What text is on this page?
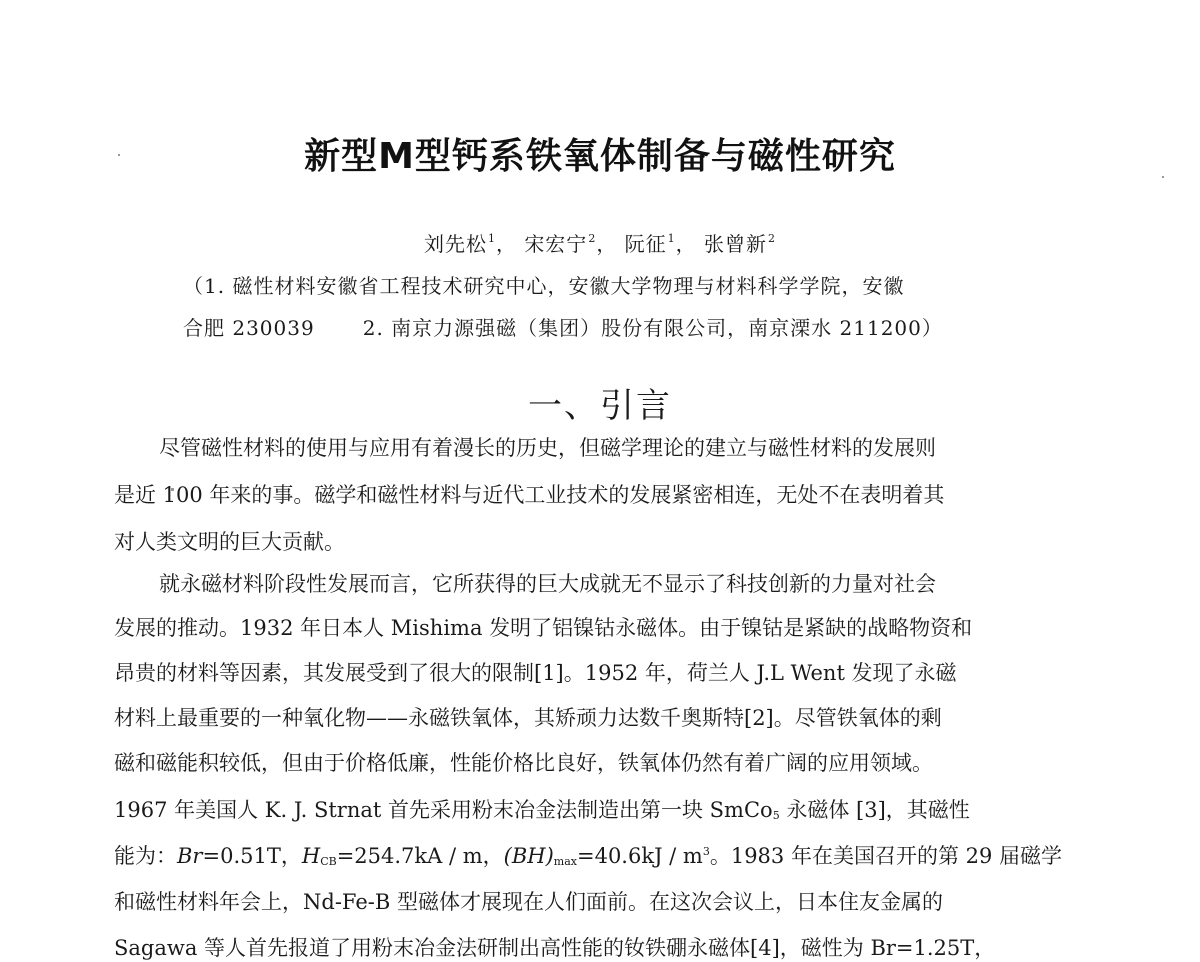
新型M型钙系铁氧体制备与磁性研究
刘先松$^1$， 宋宏宁$^2$， 阮征$^1$， 张曾新$^2$
（1. 磁性材料安徽省工程技术研究中心，安徽大学物理与材料科学学院，安徽
合肥 230039 2. 南京力源强磁（集团）股份有限公司，南京溧水 211200）
一、引言
尽管磁性材料的使用与应用有着漫长的历史，但磁学理论的建立与磁性材料的发展则
是近 100 年来的事。磁学和磁性材料与近代工业技术的发展紧密相连，无处不在表明着其
对人类文明的巨大贡献。
就永磁材料阶段性发展而言，它所获得的巨大成就无不显示了科技创新的力量对社会
发展的推动。1932 年日本人 Mishima 发明了铝镍钴永磁体。由于镍钴是紧缺的战略物资和
昂贵的材料等因素，其发展受到了很大的限制[1]。1952 年，荷兰人 J.L Went 发现了永磁
材料上最重要的一种氧化物——永磁铁氧体，其矫顽力达数千奥斯特[2]。尽管铁氧体的剩
磁和磁能积较低，但由于价格低廉，性能价格比良好，铁氧体仍然有着广阔的应用领域。
1967 年美国人 K. J. Strnat 首先采用粉末冶金法制造出第一块 SmCo5 永磁体 [3]，其磁性
能为：Br=0.51T，HCB=254.7kA / m，$(BH)\max=40.6kJ / m^3$。1983 年在美国召开的第 29 届磁学
和磁性材料年会上，Nd-Fe-B 型磁体才展现在人们面前。在这次会议上，日本住友金属的
Sagawa 等人首先报道了用粉末冶金法研制出高性能的钕铁硼永磁体[4]，磁性为 Br=1.25T，
